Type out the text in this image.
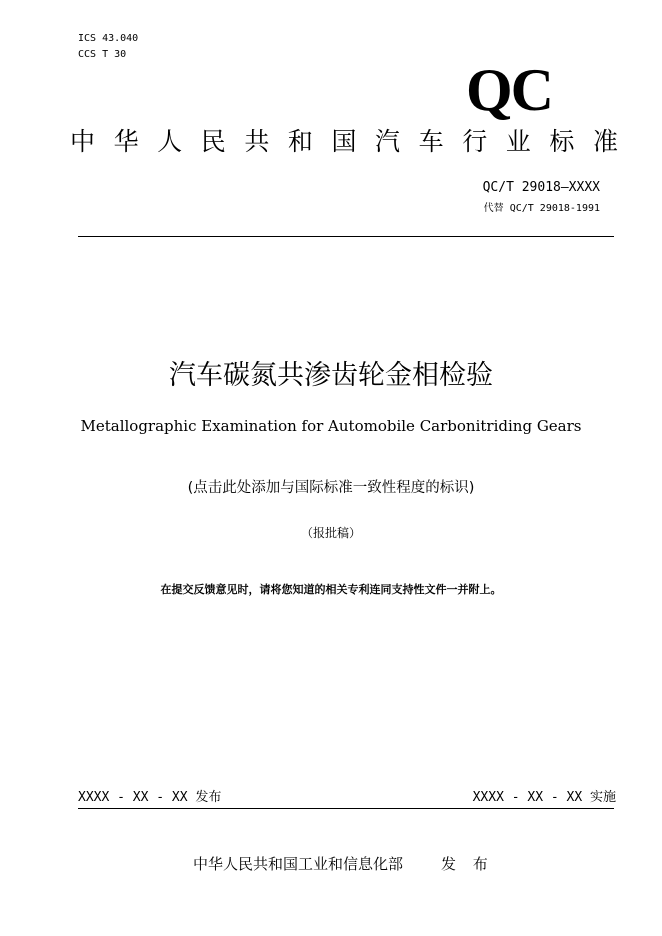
ICS 43.040
CCS T 30
QC
中 华 人 民 共 和 国 汽 车 行 业 标 准
QC/T 29018—XXXX
代替 QC/T 29018-1991
汽车碳氮共渗齿轮金相检验
Metallographic Examination for Automobile Carbonitriding Gears
(点击此处添加与国际标准一致性程度的标识)
（报批稿）
在提交反馈意见时，请将您知道的相关专利连同支持性文件一并附上。
XXXX - XX - XX 发布	XXXX - XX - XX 实施
中华人民共和国工业和信息化部	发 布
